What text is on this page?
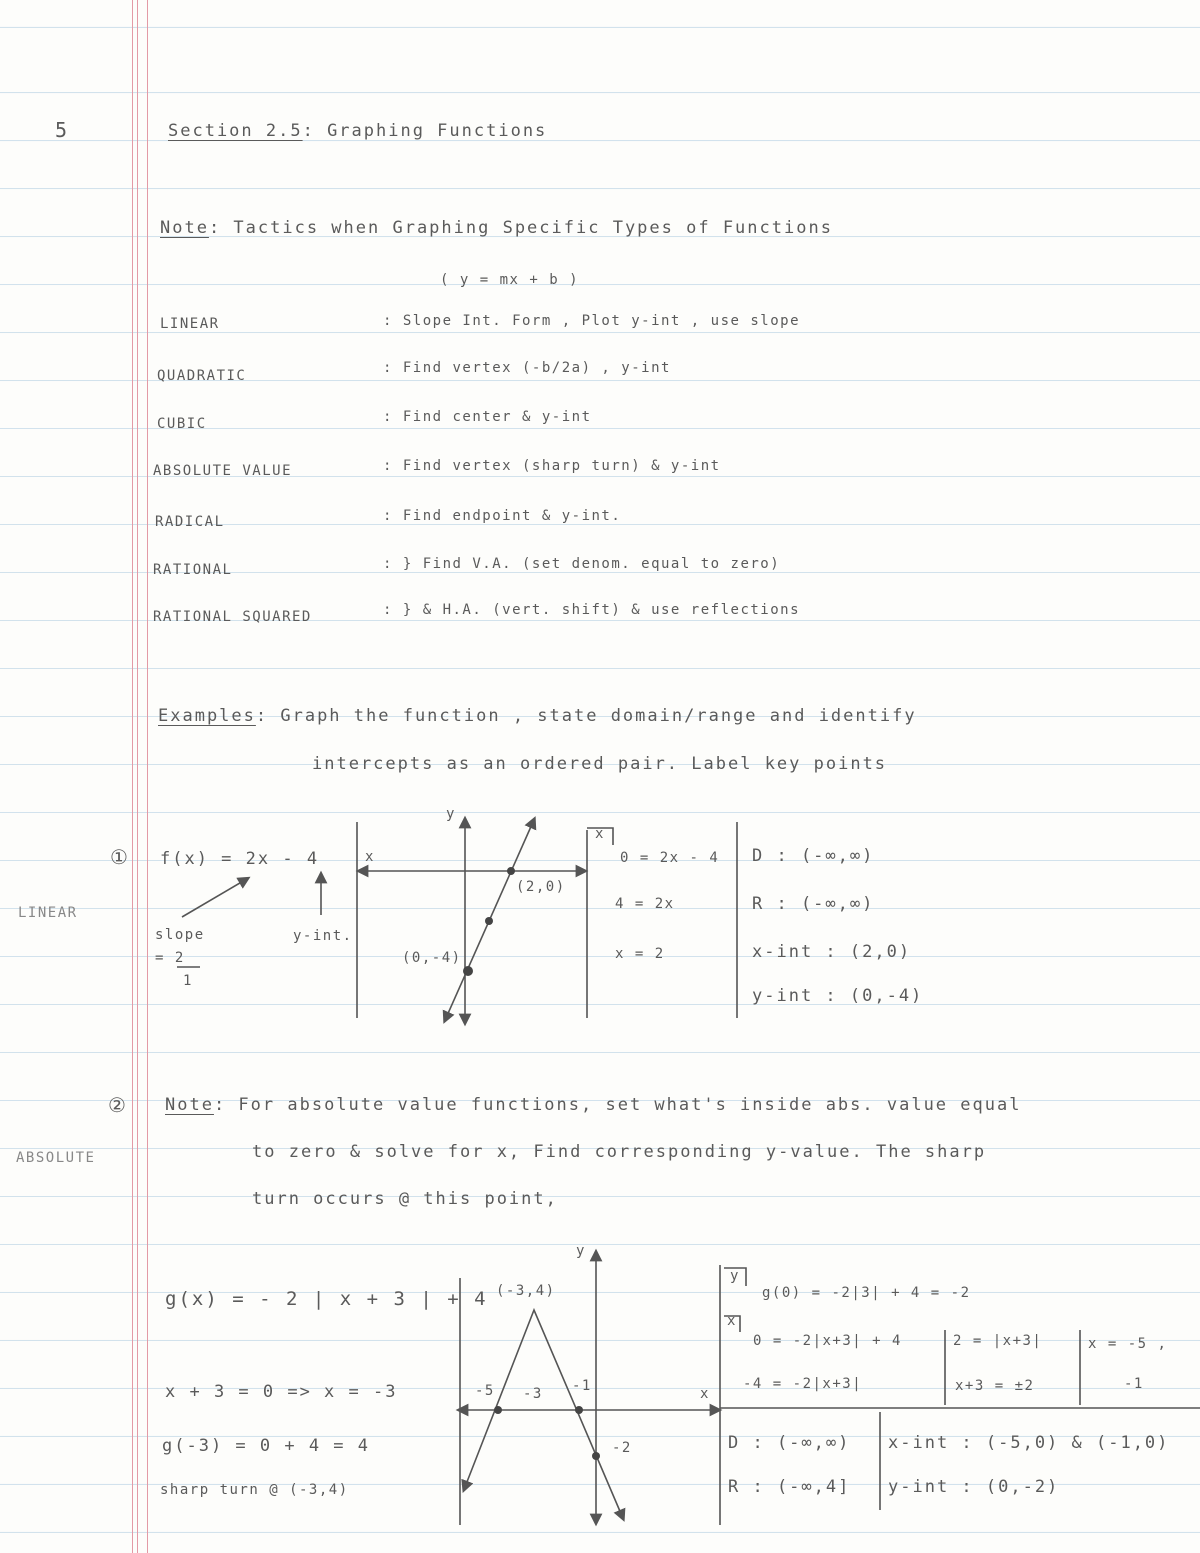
5	Section 2.5: Graphing Functions
Note: Tactics when Graphing Specific Types of Functions
( y = mx + b )
LINEAR	: Slope Int. Form , Plot y-int , use slope
QUADRATIC	: Find vertex (-b/2a) , y-int
CUBIC	: Find center & y-int
ABSOLUTE VALUE	: Find vertex (sharp turn) & y-int
RADICAL	: Find endpoint & y-int.
RATIONAL	: } Find V.A. (set denom. equal to zero)
RATIONAL SQUARED	: } & H.A. (vert. shift) & use reflections
Examples: Graph the function , state domain/range and identify
intercepts as an ordered pair. Label key points
①
LINEAR
f(x) = 2x - 4
slope
= 2
1
y-int.
y
x
(2,0)
(0,-4)
x
0 = 2x - 4
4 = 2x
x = 2
D : (-∞,∞)
R : (-∞,∞)
x-int : (2,0)
y-int : (0,-4)
②
ABSOLUTE
Note: For absolute value functions, set what's inside abs. value equal
to zero & solve for x, Find corresponding y-value. The sharp
turn occurs @ this point,
g(x) = - 2 | x + 3 | + 4
x + 3 = 0 => x = -3
g(-3) = 0 + 4 = 4
sharp turn @ (-3,4)
y
x
(-3,4)
-5 -3 -1
-2
y
g(0) = -2|3| + 4 = -2
x
0 = -2|x+3| + 4
-4 = -2|x+3|
2 = |x+3|
x+3 = ±2
x = -5 ,
-1
D : (-∞,∞)
R : (-∞,4]
x-int : (-5,0) & (-1,0)
y-int : (0,-2)
